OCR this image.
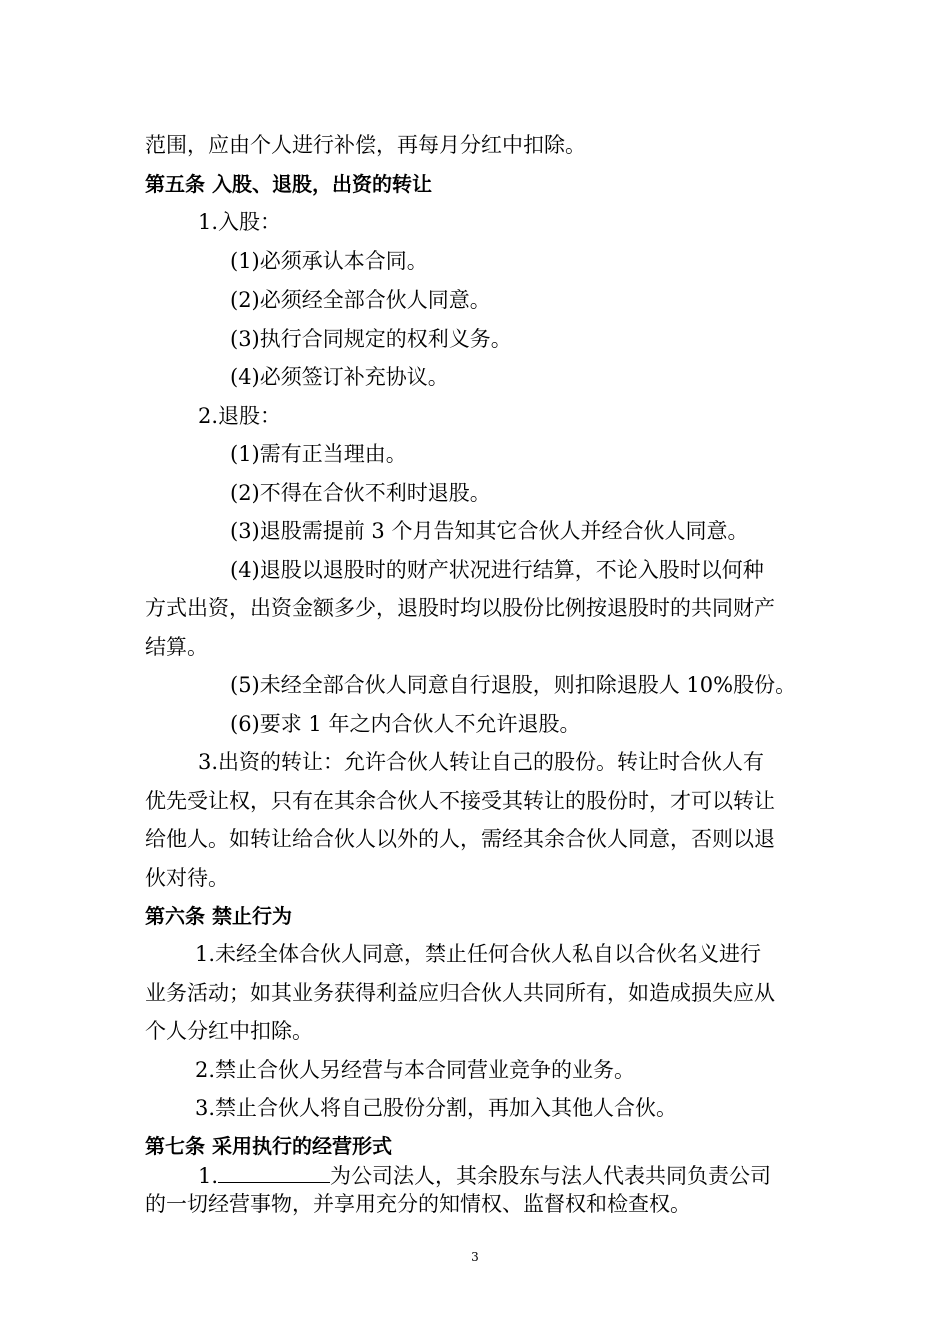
范围，应由个人进行补偿，再每月分红中扣除。
第五条 入股、退股，出资的转让
1.入股：
(1)必须承认本合同。
(2)必须经全部合伙人同意。
(3)执行合同规定的权利义务。
(4)必须签订补充协议。
2.退股：
(1)需有正当理由。
(2)不得在合伙不利时退股。
(3)退股需提前 3 个月告知其它合伙人并经合伙人同意。
(4)退股以退股时的财产状况进行结算，不论入股时以何种
方式出资，出资金额多少，退股时均以股份比例按退股时的共同财产
结算。
(5)未经全部合伙人同意自行退股，则扣除退股人 10%股份。
(6)要求 1 年之内合伙人不允许退股。
3.出资的转让：允许合伙人转让自己的股份。转让时合伙人有
优先受让权，只有在其余合伙人不接受其转让的股份时，才可以转让
给他人。如转让给合伙人以外的人，需经其余合伙人同意，否则以退
伙对待。
第六条 禁止行为
1.未经全体合伙人同意，禁止任何合伙人私自以合伙名义进行
业务活动；如其业务获得利益应归合伙人共同所有，如造成损失应从
个人分红中扣除。
2.禁止合伙人另经营与本合同营业竞争的业务。
3.禁止合伙人将自己股份分割，再加入其他人合伙。
第七条 采用执行的经营形式
1.	为公司法人，其余股东与法人代表共同负责公司
的一切经营事物，并享用充分的知情权、监督权和检查权。
3
